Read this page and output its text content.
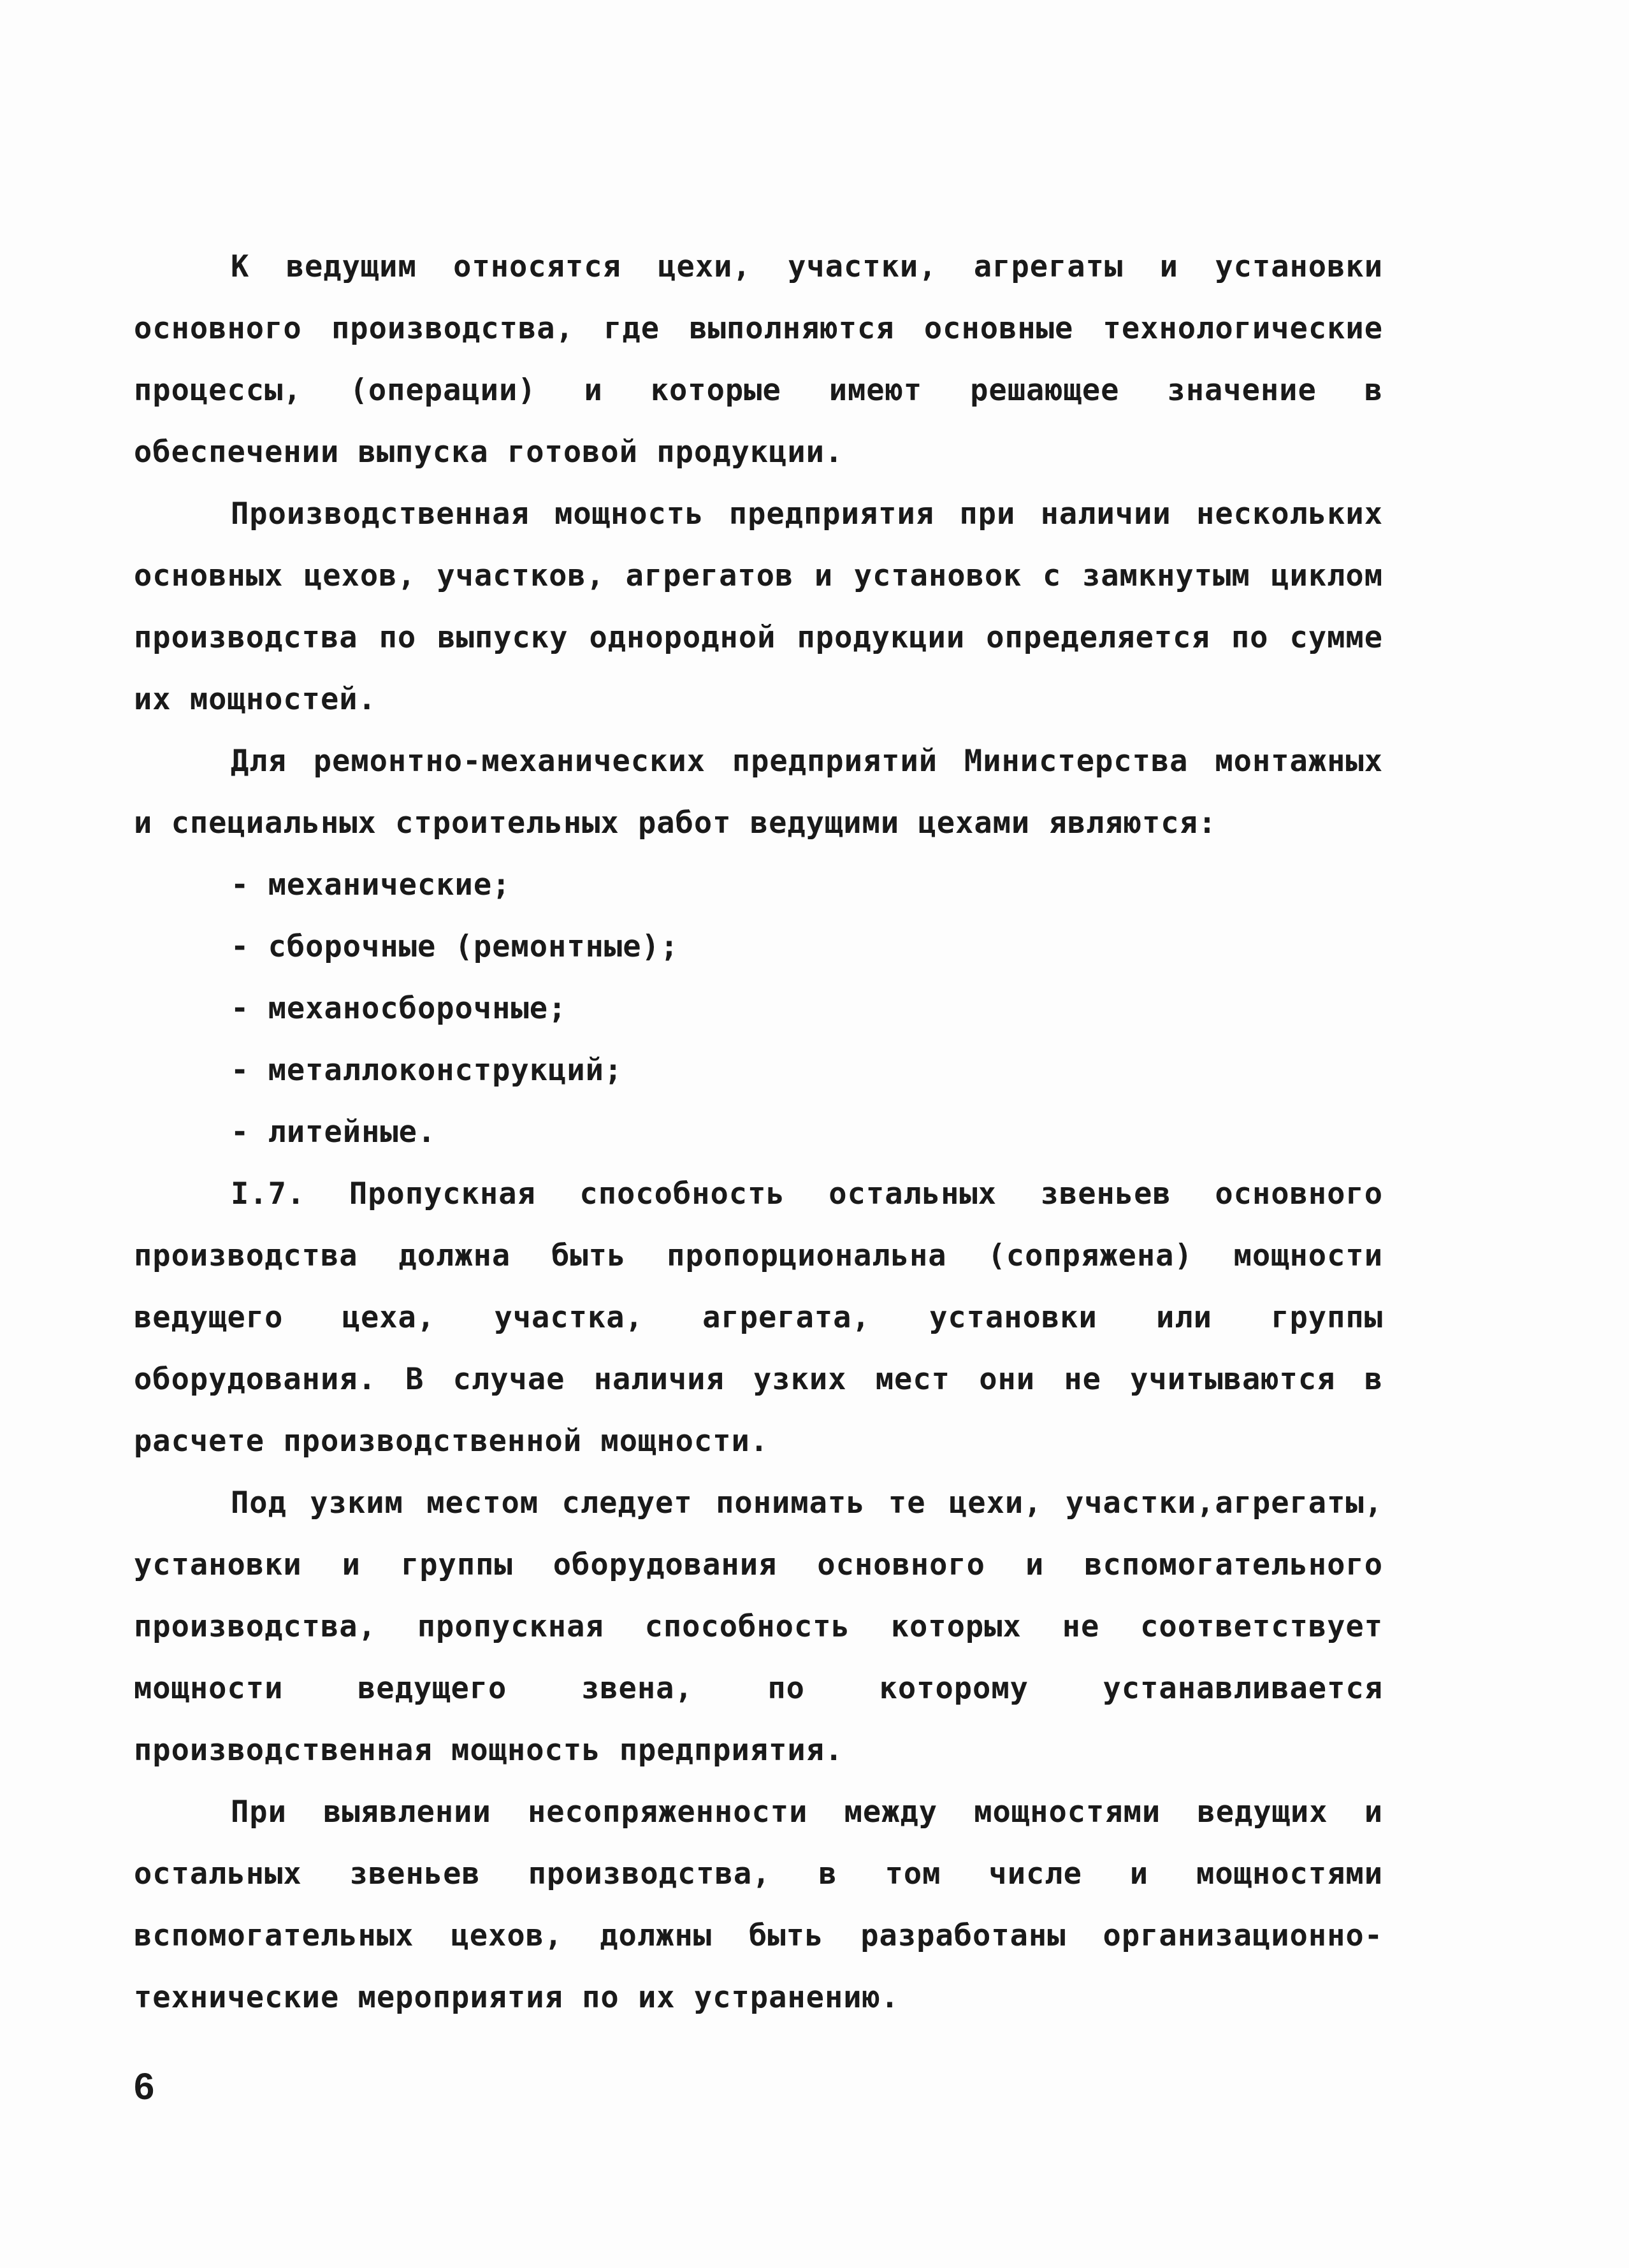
К ведущим относятся цехи, участки, агрегаты и установки основного производства, где выполняются основные технологические процессы, (операции) и которые имеют решающее значение в обеспечении выпуска готовой продукции.

Производственная мощность предприятия при наличии нескольких основных цехов, участков, агрегатов и установок с замкнутым циклом производства по выпуску однородной продукции определяется по сумме их мощностей.

Для ремонтно-механических предприятий Министерства монтажных и специальных строительных работ ведущими цехами являются:

- механические;
- сборочные (ремонтные);
- механосборочные;
- металлоконструкций;
- литейные.

I.7. Пропускная способность остальных звеньев основного производства должна быть пропорциональна (сопряжена) мощности ведущего цеха, участка, агрегата, установки или группы оборудования. В случае наличия узких мест они не учитываются в расчете производственной мощности.

Под узким местом следует понимать те цехи, участки,агрегаты, установки и группы оборудования основного и вспомогательного производства, пропускная способность которых не соответствует мощности ведущего звена, по которому устанавливается производственная мощность предприятия.

При выявлении несопряженности между мощностями ведущих и остальных звеньев производства, в том числе и мощностями вспомогательных цехов, должны быть разработаны организационно-технические мероприятия по их устранению.

6
